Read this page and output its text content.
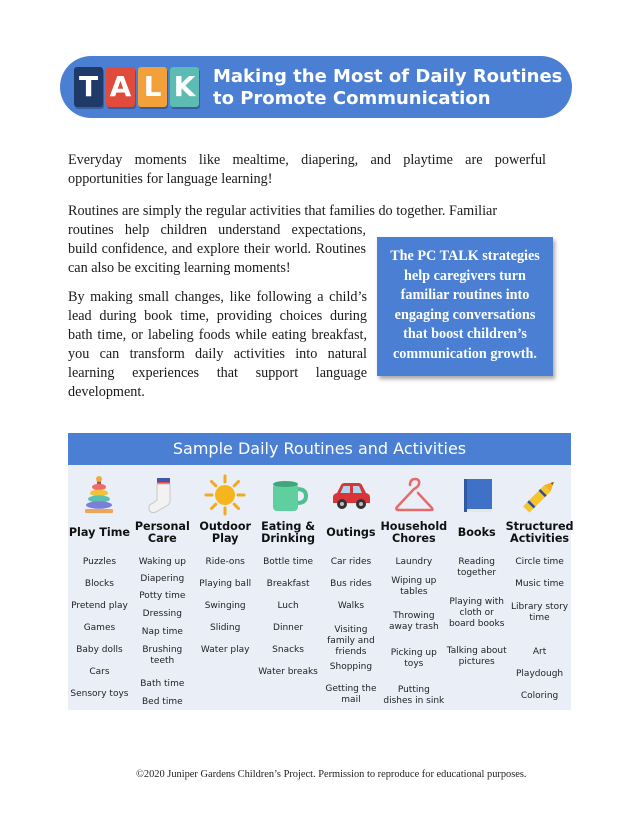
T A L K Making the Most of Daily Routines
to Promote Communication

Everyday moments like mealtime, diapering, and playtime are powerful opportunities for language learning!

Routines are simply the regular activities that families do together. Familiar
routines help children understand expectations, build confidence, and explore their world. Routines can also be exciting learning moments!

By making small changes, like following a child’s lead during book time, providing choices during bath time, or labeling foods while eating breakfast, you can transform daily activities into natural learning experiences that support language development.

The PC TALK strategies help caregivers turn familiar routines into engaging conversations that boost children’s communication growth.
Sample Daily Routines and Activities
Play Time
Puzzles
Blocks
Pretend play
Games
Baby dolls
Cars
Sensory toys
Personal Care
Waking up
Diapering
Potty time
Dressing
Nap time
Brushing teeth
Bath time
Bed time
Outdoor Play
Ride-ons
Playing ball
Swinging
Sliding
Water play
Eating & Drinking
Bottle time
Breakfast
Luch
Dinner
Snacks
Water breaks
Outings
Car rides
Bus rides
Walks
Visiting family and friends
Shopping
Getting the mail
Household Chores
Laundry
Wiping up tables
Throwing away trash
Picking up toys
Putting dishes in sink
Books
Reading together
Playing with cloth or board books
Talking about pictures
Structured Activities
Circle time
Music time
Library story time
Art
Playdough
Coloring
©2020 Juniper Gardens Children’s Project. Permission to reproduce for educational purposes.
